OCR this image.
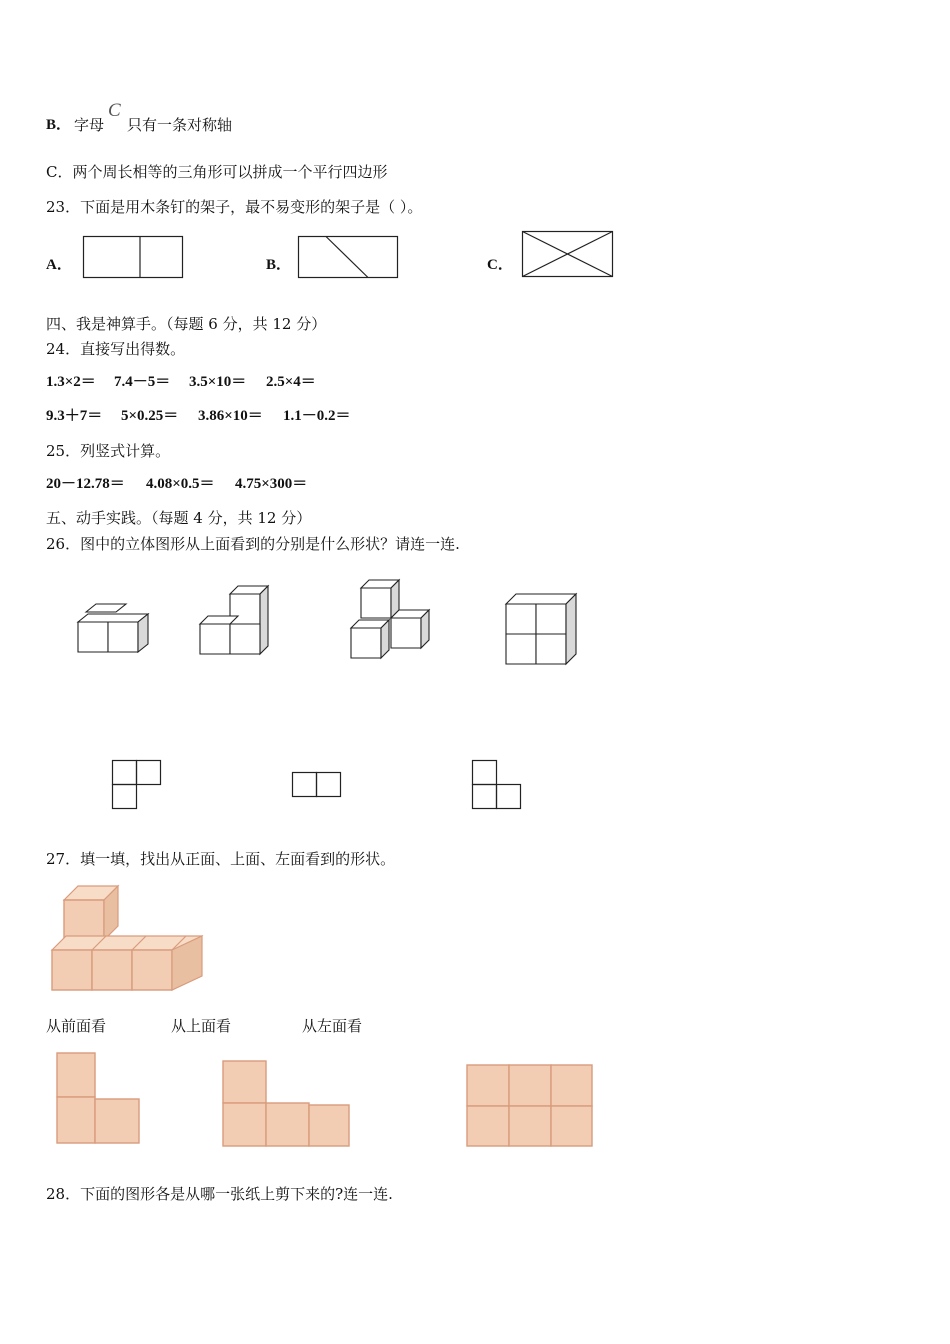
B． 字母
C
只有一条对称轴
C．两个周长相等的三角形可以拼成一个平行四边形
23．下面是用木条钉的架子，最不易变形的架子是（ ）。
A．	B．	C．
四、我是神算手。（每题 6 分，共 12 分）
24．直接写出得数。
1.3×2＝ 7.4－5＝ 3.5×10＝ 2.5×4＝
9.3＋7＝ 5×0.25＝ 3.86×10＝ 1.1－0.2＝
25．列竖式计算。
20－12.78＝ 4.08×0.5＝ 4.75×300＝
五、动手实践。（每题 4 分，共 12 分）
26．图中的立体图形从上面看到的分别是什么形状？请连一连.
27．填一填，找出从正面、上面、左面看到的形状。
从前面看	从上面看	从左面看
28．下面的图形各是从哪一张纸上剪下来的?连一连.
